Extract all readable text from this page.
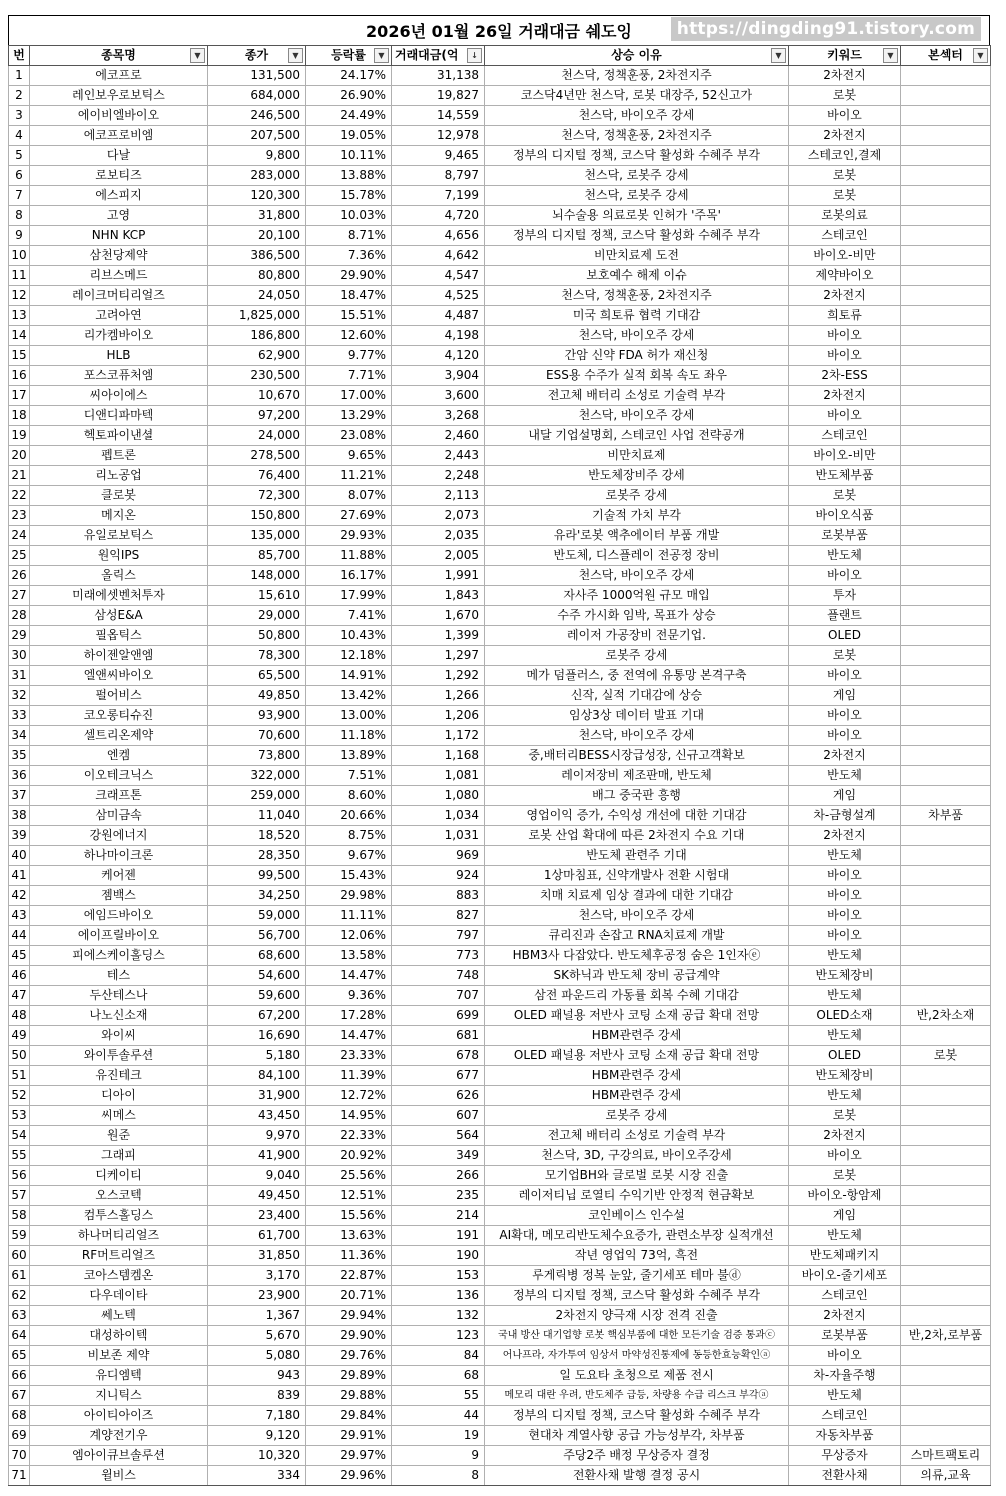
2026년 01월 26일 거래대금 쉐도잉	https://dingding91.tistory.com
번	종목명 ▼	종가 ▼	등락률 ▼	거래대금(억 ↓	상승 이유 ▼	키워드 ▼	본섹터 ▼

1	에코프로	131,500	24.17%	31,138	천스닥, 정책훈풍, 2차전지주	2차전지	
2	레인보우로보틱스	684,000	26.90%	19,827	코스닥4년만 천스닥, 로봇 대장주, 52신고가	로봇	
3	에이비엘바이오	246,500	24.49%	14,559	천스닥, 바이오주 강세	바이오	
4	에코프로비엠	207,500	19.05%	12,978	천스닥, 정책훈풍, 2차전지주	2차전지	
5	다날	9,800	10.11%	9,465	정부의 디지털 정책, 코스닥 활성화 수혜주 부각	스테코인,결제	
6	로보티즈	283,000	13.88%	8,797	천스닥, 로봇주 강세	로봇	
7	에스피지	120,300	15.78%	7,199	천스닥, 로봇주 강세	로봇	
8	고영	31,800	10.03%	4,720	뇌수술용 의료로봇 인허가 '주목'	로봇의료	
9	NHN KCP	20,100	8.71%	4,656	정부의 디지털 정책, 코스닥 활성화 수혜주 부각	스테코인	
10	삼천당제약	386,500	7.36%	4,642	비만치료제 도전	바이오-비만	
11	리브스메드	80,800	29.90%	4,547	보호예수 해제 이슈	제약바이오	
12	레이크머티리얼즈	24,050	18.47%	4,525	천스닥, 정책훈풍, 2차전지주	2차전지	
13	고려아연	1,825,000	15.51%	4,487	미국 희토류 협력 기대감	희토류	
14	리가켐바이오	186,800	12.60%	4,198	천스닥, 바이오주 강세	바이오	
15	HLB	62,900	9.77%	4,120	간암 신약 FDA 허가 재신청	바이오	
16	포스코퓨처엠	230,500	7.71%	3,904	ESS용 수주가 실적 회복 속도 좌우	2차-ESS	
17	씨아이에스	10,670	17.00%	3,600	전고체 배터리 소성로 기술력 부각	2차전지	
18	디앤디파마텍	97,200	13.29%	3,268	천스닥, 바이오주 강세	바이오	
19	헥토파이낸셜	24,000	23.08%	2,460	내달 기업설명회, 스테코인 사업 전략공개	스테코인	
20	펩트론	278,500	9.65%	2,443	비만치료제	바이오-비만	
21	리노공업	76,400	11.21%	2,248	반도체장비주 강세	반도체부품	
22	클로봇	72,300	8.07%	2,113	로봇주 강세	로봇	
23	메지온	150,800	27.69%	2,073	기술적 가치 부각	바이오식품	
24	유일로보틱스	135,000	29.93%	2,035	유라'로봇 액추에이터 부품 개발	로봇부품	
25	원익IPS	85,700	11.88%	2,005	반도체, 디스플레이 전공정 장비	반도체	
26	올릭스	148,000	16.17%	1,991	천스닥, 바이오주 강세	바이오	
27	미래에셋벤처투자	15,610	17.99%	1,843	자사주 1000억원 규모 매입	투자	
28	삼성E&A	29,000	7.41%	1,670	수주 가시화 임박, 목표가 상승	플랜트	
29	필옵틱스	50,800	10.43%	1,399	레이저 가공장비 전문기업.	OLED	
30	하이젠알앤엠	78,300	12.18%	1,297	로봇주 강세	로봇	
31	엘앤씨바이오	65,500	14.91%	1,292	메가 덤플러스, 중 전역에 유통망 본격구축	바이오	
32	펄어비스	49,850	13.42%	1,266	신작, 실적 기대감에 상승	게임	
33	코오롱티슈진	93,900	13.00%	1,206	임상3상 데이터 발표 기대	바이오	
34	셀트리온제약	70,600	11.18%	1,172	천스닥, 바이오주 강세	바이오	
35	엔켐	73,800	13.89%	1,168	중,배터리BESS시장급성장, 신규고객확보	2차전지	
36	이오테크닉스	322,000	7.51%	1,081	레이저장비 제조판매, 반도체	반도체	
37	크래프톤	259,000	8.60%	1,080	배그 중국판 흥행	게임	
38	삼미금속	11,040	20.66%	1,034	영업이익 증가, 수익성 개선에 대한 기대감	차-금형설계	차부품
39	강원에너지	18,520	8.75%	1,031	로봇 산업 확대에 따른 2차전지 수요 기대	2차전지	
40	하나마이크론	28,350	9.67%	969	반도체 관련주 기대	반도체	
41	케어젠	99,500	15.43%	924	1상마침표, 신약개발사 전환 시험대	바이오	
42	젬백스	34,250	29.98%	883	치매 치료제 임상 결과에 대한 기대감	바이오	
43	에임드바이오	59,000	11.11%	827	천스닥, 바이오주 강세	바이오	
44	에이프릴바이오	56,700	12.06%	797	큐리진과 손잡고 RNA치료제 개발	바이오	
45	피에스케이홀딩스	68,600	13.58%	773	HBM3사 다잡았다. 반도체후공정 숨은 1인자ⓔ	반도체	
46	테스	54,600	14.47%	748	SK하닉과 반도체 장비 공급계약	반도체장비	
47	두산테스나	59,600	9.36%	707	삼전 파운드리 가동률 회복 수혜 기대감	반도체	
48	나노신소재	67,200	17.28%	699	OLED 패널용 저반사 코팅 소재 공급 확대 전망	OLED소재	반,2차소재
49	와이씨	16,690	14.47%	681	HBM관련주 강세	반도체	
50	와이투솔루션	5,180	23.33%	678	OLED 패널용 저반사 코팅 소재 공급 확대 전망	OLED	로봇
51	유진테크	84,100	11.39%	677	HBM관련주 강세	반도체장비	
52	디아이	31,900	12.72%	626	HBM관련주 강세	반도체	
53	씨메스	43,450	14.95%	607	로봇주 강세	로봇	
54	원준	9,970	22.33%	564	전고체 배터리 소성로 기술력 부각	2차전지	
55	그래피	41,900	20.92%	349	천스닥, 3D, 구강의료, 바이오주강세	바이오	
56	디케이티	9,040	25.56%	266	모기업BH와 글로벌 로봇 시장 진출	로봇	
57	오스코텍	49,450	12.51%	235	레이저티닙 로열티 수익기반 안정적 현금확보	바이오-항암제	
58	컴투스홀딩스	23,400	15.56%	214	코인베이스 인수설	게임	
59	하나머티리얼즈	61,700	13.63%	191	AI확대, 메모리반도체수요증가, 관련소부장 실적개선	반도체	
60	RF머트리얼즈	31,850	11.36%	190	작년 영업익 73억, 흑전	반도체패키지	
61	코아스템켐온	3,170	22.87%	153	루게릭병 정복 눈앞, 줄기세포 테마 불ⓓ	바이오-줄기세포	
62	다우데이타	23,900	20.71%	136	정부의 디지털 정책, 코스닥 활성화 수혜주 부각	스테코인	
63	쎄노텍	1,367	29.94%	132	2차전지 양극재 시장 전격 진출	2차전지	
64	대성하이텍	5,670	29.90%	123	국내 방산 대기업향 로봇 핵심부품에 대한 모든기술 검증 통과ⓒ	로봇부품	반,2차,로부품
65	비보존 제약	5,080	29.76%	84	어나프라, 자가투여 임상서 마약성진통제에 동등한효능확인ⓐ	바이오	
66	유디엠텍	943	29.89%	68	일 도요타 초청으로 제품 전시	차-자율주행	
67	지니틱스	839	29.88%	55	메모리 대란 우려, 반도체주 급등, 차량용 수급 리스크 부각ⓐ	반도체	
68	아이티아이즈	7,180	29.84%	44	정부의 디지털 정책, 코스닥 활성화 수혜주 부각	스테코인	
69	계양전기우	9,120	29.91%	19	현대차 계열사향 공급 가능성부각, 차부품	자동차부품	
70	엠아이큐브솔루션	10,320	29.97%	9	주당2주 배정 무상증자 결정	무상증자	스마트팩토리
71	윌비스	334	29.96%	8	전환사채 발행 결정 공시	전환사채	의류,교육
